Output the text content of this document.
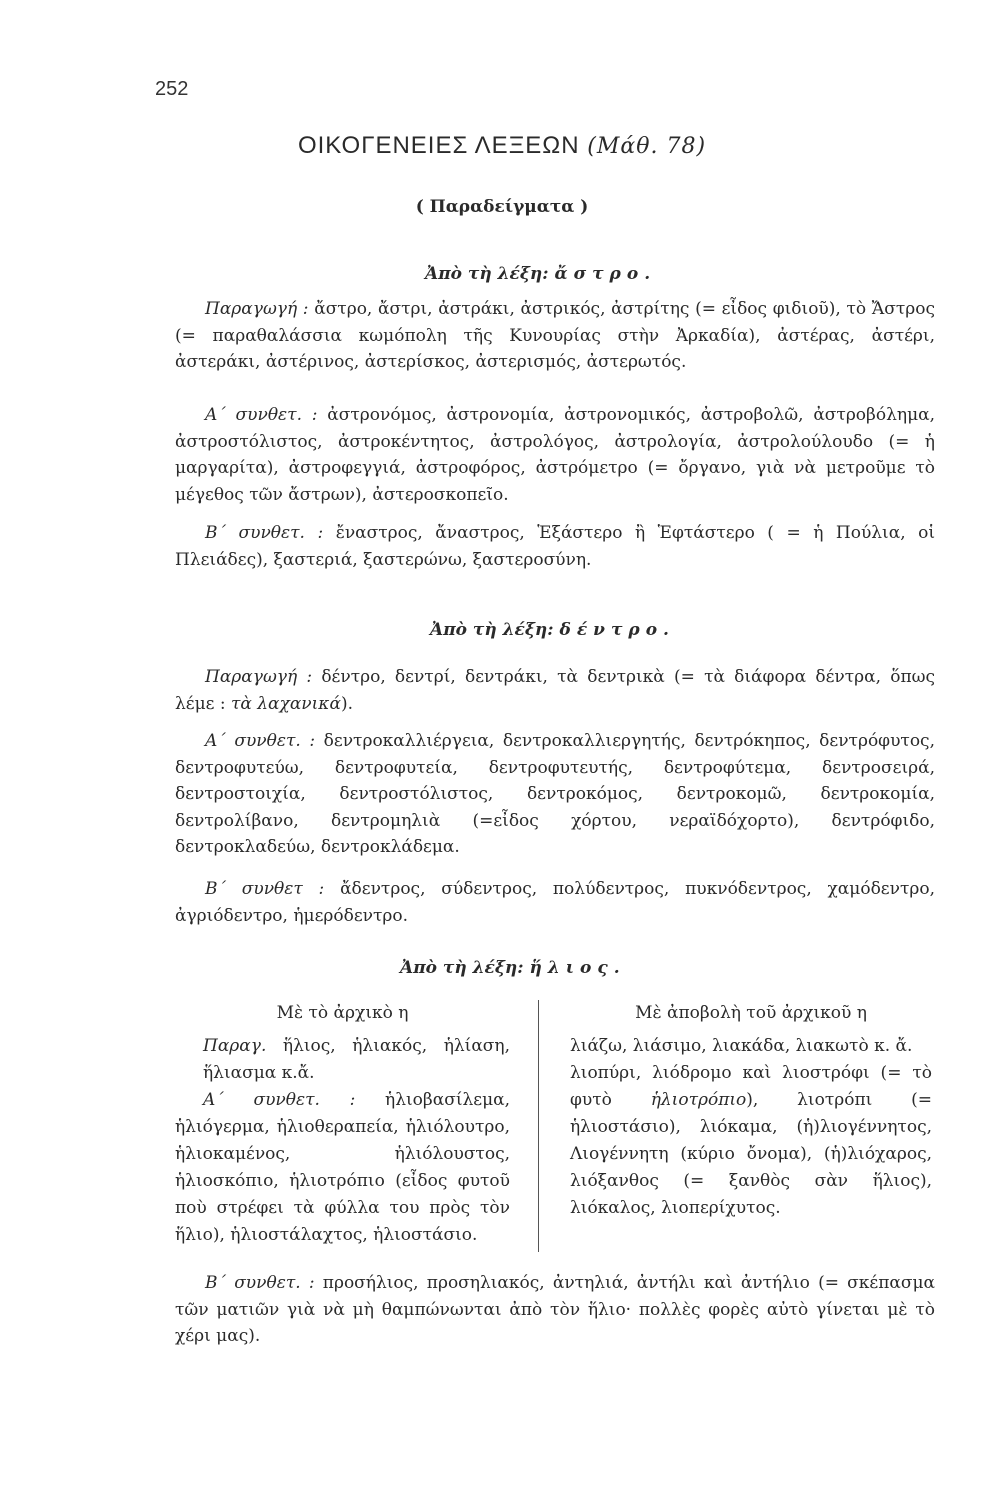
252
ΟΙΚΟΓΕΝΕΙΕΣ ΛΕΞΕΩΝ (Μάθ. 78)
( Παραδείγματα )
Ἀπὸ τὴ λέξη: ἄστρο.
Παραγωγή : ἄστρο, ἄστρι, ἀστράκι, ἀστρικός, ἀστρίτης (= εἶδος φιδιοῦ), τὸ Ἄστρος (= παραθαλάσσια κωμόπολη τῆς Κυνουρίας στὴν Ἀρκαδία), ἀστέρας, ἀστέρι, ἀστεράκι, ἀστέρινος, ἀστερίσκος, ἀστερισμός, ἀστερωτός.
Α΄ συνθετ. : ἀστρονόμος, ἀστρονομία, ἀστρονομικός, ἀστροβολῶ, ἀστροβόλημα, ἀστροστόλιστος, ἀστροκέντητος, ἀστρολόγος, ἀστρολογία, ἀστρολούλουδο (= ἡ μαργαρίτα), ἀστροφεγγιά, ἀστροφόρος, ἀστρόμετρο (= ὄργανο, γιὰ νὰ μετροῦμε τὸ μέγεθος τῶν ἄστρων), ἀστεροσκοπεῖο.
Β΄ συνθετ. : ἔναστρος, ἄναστρος, Ἑξάστερο ἢ Ἑφτάστερο ( = ἡ Πούλια, οἱ Πλειάδες), ξαστεριά, ξαστερώνω, ξαστεροσύνη.
Ἀπὸ τὴ λέξη: δέντρο.
Παραγωγή : δέντρο, δεντρί, δεντράκι, τὰ δεντρικὰ (= τὰ διάφορα δέντρα, ὅπως λέμε : τὰ λαχανικά).
Α΄ συνθετ. : δεντροκαλλιέργεια, δεντροκαλλιεργητής, δεντρόκηπος, δεντρόφυτος, δεντροφυτεύω, δεντροφυτεία, δεντροφυτευτής, δεντροφύτεμα, δεντροσειρά, δεντροστοιχία, δεντροστόλιστος, δεντροκόμος, δεντροκομῶ, δεντροκομία, δεντρολίβανο, δεντρομηλιὰ (=εἶδος χόρτου, νεραϊδόχορτο), δεντρόφιδο, δεντροκλαδεύω, δεντροκλάδεμα.
Β΄ συνθετ : ἄδεντρος, σύδεντρος, πολύδεντρος, πυκνόδεντρος, χαμόδεντρο, ἀγριόδεντρο, ἡμερόδεντρο.
Ἀπὸ τὴ λέξη: ἥλιος.
Μὲ τὸ ἀρχικὸ η
Παραγ. ἥλιος, ἡλιακός, ἡλίαση, ἥλιασμα κ.ἄ.
Α΄ συνθετ. : ἡλιοβασίλεμα, ἡλιόγερμα, ἡλιοθεραπεία, ἡλιόλουτρο, ἡλιοκαμένος, ἡλιόλουστος, ἡλιοσκόπιο, ἡλιοτρόπιο (εἶδος φυτοῦ ποὺ στρέφει τὰ φύλλα του πρὸς τὸν ἥλιο), ἡλιοστάλαχτος, ἡλιοστάσιο.
Μὲ ἀποβολὴ τοῦ ἀρχικοῦ η
λιάζω, λιάσιμο, λιακάδα, λιακωτὸ κ. ἄ.
λιοπύρι, λιόδρομο καὶ λιοστρόφι (= τὸ φυτὸ ἡλιοτρόπιο), λιοτρόπι (= ἡλιοστάσιο), λιόκαμα, (ἡ)λιογέννητος, Λιογέννητη (κύριο ὄνομα), (ἡ)λιόχαρος, λιόξανθος (= ξανθὸς σὰν ἥλιος), λιόκαλος, λιοπερίχυτος.
Β΄ συνθετ. : προσήλιος, προσηλιακός, ἀντηλιά, ἀντήλι καὶ ἀντήλιο (= σκέπασμα τῶν ματιῶν γιὰ νὰ μὴ θαμπώνωνται ἀπὸ τὸν ἥλιο· πολλὲς φορὲς αὐτὸ γίνεται μὲ τὸ χέρι μας).
